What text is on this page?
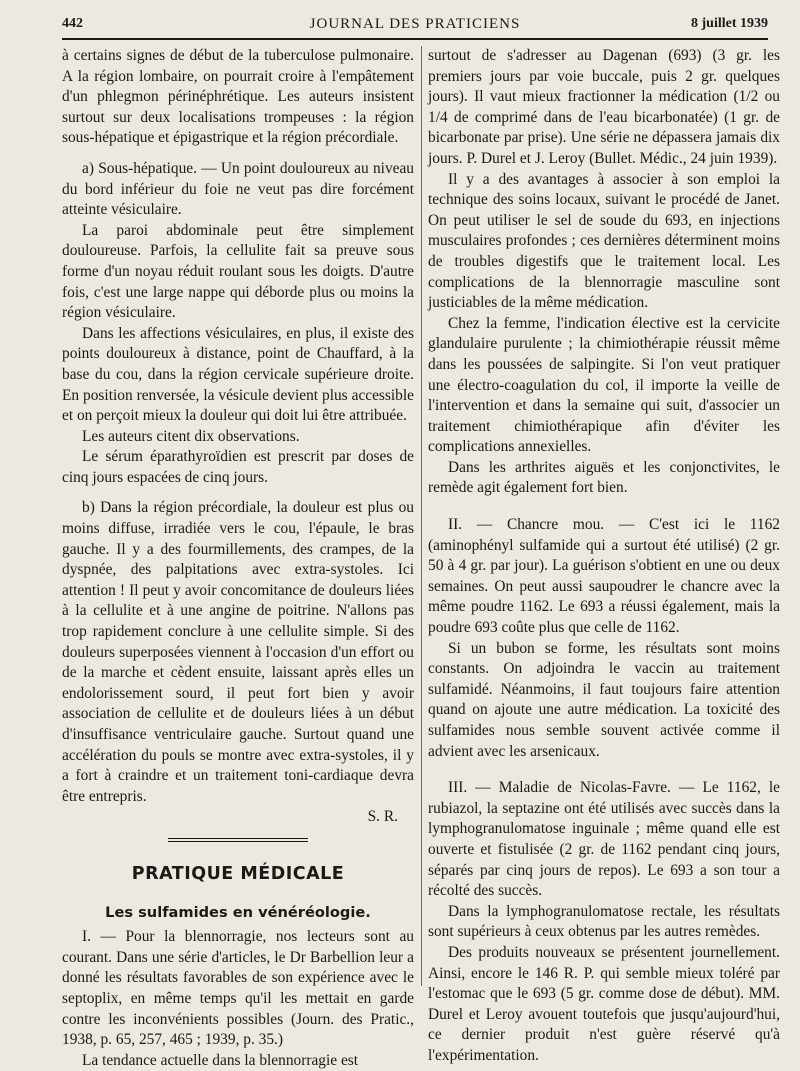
442	JOURNAL DES PRATICIENS	8 juillet 1939

à certains signes de début de la tuberculose pulmonaire. A la région lombaire, on pourrait croire à l'empâtement d'un phlegmon périnéphrétique. Les auteurs insistent surtout sur deux localisations trompeuses : la région sous-hépatique et épigastrique et la région précordiale.

a) Sous-hépatique. — Un point douloureux au niveau du bord inférieur du foie ne veut pas dire forcément atteinte vésiculaire.

La paroi abdominale peut être simplement douloureuse. Parfois, la cellulite fait sa preuve sous forme d'un noyau réduit roulant sous les doigts. D'autre fois, c'est une large nappe qui déborde plus ou moins la région vésiculaire.

Dans les affections vésiculaires, en plus, il existe des points douloureux à distance, point de Chauffard, à la base du cou, dans la région cervicale supérieure droite. En position renversée, la vésicule devient plus accessible et on perçoit mieux la douleur qui doit lui être attribuée.

Les auteurs citent dix observations.

Le sérum éparathyroïdien est prescrit par doses de cinq jours espacées de cinq jours.

b) Dans la région précordiale, la douleur est plus ou moins diffuse, irradiée vers le cou, l'épaule, le bras gauche. Il y a des fourmillements, des crampes, de la dyspnée, des palpitations avec extra-systoles. Ici attention ! Il peut y avoir concomitance de douleurs liées à la cellulite et à une angine de poitrine. N'allons pas trop rapidement conclure à une cellulite simple. Si des douleurs superposées viennent à l'occasion d'un effort ou de la marche et cèdent ensuite, laissant après elles un endolorissement sourd, il peut fort bien y avoir association de cellulite et de douleurs liées à un début d'insuffisance ventriculaire gauche. Surtout quand une accélération du pouls se montre avec extra-systoles, il y a fort à craindre et un traitement toni-cardiaque devra être entrepris.

S. R.

PRATIQUE MÉDICALE
Les sulfamides en vénéréologie.

I. — Pour la blennorragie, nos lecteurs sont au courant. Dans une série d'articles, le Dr Barbellion leur a donné les résultats favorables de son expérience avec le septoplix, en même temps qu'il les mettait en garde contre les inconvénients possibles (Journ. des Pratic., 1938, p. 65, 257, 465 ; 1939, p. 35.)

La tendance actuelle dans la blennorragie est

surtout de s'adresser au Dagenan (693) (3 gr. les premiers jours par voie buccale, puis 2 gr. quelques jours). Il vaut mieux fractionner la médication (1/2 ou 1/4 de comprimé dans de l'eau bicarbonatée) (1 gr. de bicarbonate par prise). Une série ne dépassera jamais dix jours. P. Durel et J. Leroy (Bullet. Médic., 24 juin 1939).

Il y a des avantages à associer à son emploi la technique des soins locaux, suivant le procédé de Janet. On peut utiliser le sel de soude du 693, en injections musculaires profondes ; ces dernières déterminent moins de troubles digestifs que le traitement local. Les complications de la blennorragie masculine sont justiciables de la même médication.

Chez la femme, l'indication élective est la cervicite glandulaire purulente ; la chimiothérapie réussit même dans les poussées de salpingite. Si l'on veut pratiquer une électro-coagulation du col, il importe la veille de l'intervention et dans la semaine qui suit, d'associer un traitement chimiothérapique afin d'éviter les complications annexielles.

Dans les arthrites aiguës et les conjonctivites, le remède agit également fort bien.

II. — Chancre mou. — C'est ici le 1162 (aminophényl sulfamide qui a surtout été utilisé) (2 gr. 50 à 4 gr. par jour). La guérison s'obtient en une ou deux semaines. On peut aussi saupoudrer le chancre avec la même poudre 1162. Le 693 a réussi également, mais la poudre 693 coûte plus que celle de 1162.

Si un bubon se forme, les résultats sont moins constants. On adjoindra le vaccin au traitement sulfamidé. Néanmoins, il faut toujours faire attention quand on ajoute une autre médication. La toxicité des sulfamides nous semble souvent activée comme il advient avec les arsenicaux.

III. — Maladie de Nicolas-Favre. — Le 1162, le rubiazol, la septazine ont été utilisés avec succès dans la lymphogranulomatose inguinale ; même quand elle est ouverte et fistulisée (2 gr. de 1162 pendant cinq jours, séparés par cinq jours de repos). Le 693 a son tour a récolté des succès.

Dans la lymphogranulomatose rectale, les résultats sont supérieurs à ceux obtenus par les autres remèdes.

Des produits nouveaux se présentent journellement. Ainsi, encore le 146 R. P. qui semble mieux toléré par l'estomac que le 693 (5 gr. comme dose de début). MM. Durel et Leroy avouent toutefois que jusqu'aujourd'hui, ce dernier produit n'est guère réservé qu'à l'expérimentation.
